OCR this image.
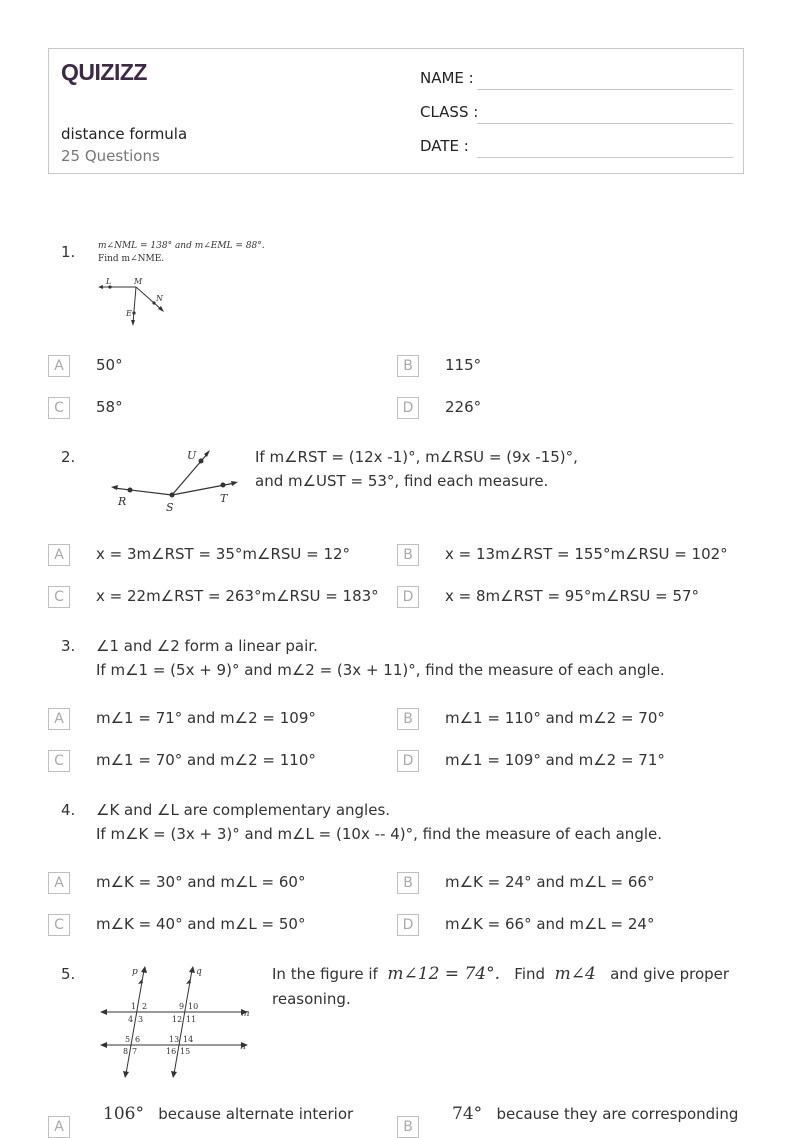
QUIZIZZ
distance formula
25 Questions
NAME :
CLASS :
DATE :
1.	m∠NML = 138° and m∠EML = 88°.
Find m∠NME.
L	M
N
E
A	50°	B	115°
C	58°	D	226°
2.	U
R	S
T
If m∠RST = (12x -1)°, m∠RSU = (9x -15)°,
and m∠UST = 53°, find each measure.
A	x = 3m∠RST = 35°m∠RSU = 12°	B	x = 13m∠RST = 155°m∠RSU = 102°
C	x = 22m∠RST = 263°m∠RSU = 183°	D	x = 8m∠RST = 95°m∠RSU = 57°
3. ∠1 and ∠2 form a linear pair.
If m∠1 = (5x + 9)° and m∠2 = (3x + 11)°, find the measure of each angle.
A	m∠1 = 71° and m∠2 = 109°	B	m∠1 = 110° and m∠2 = 70°
C	m∠1 = 70° and m∠2 = 110°	D	m∠1 = 109° and m∠2 = 71°
4. ∠K and ∠L are complementary angles.
If m∠K = (3x + 3)° and m∠L = (10x -- 4)°, find the measure of each angle.
A	m∠K = 30° and m∠L = 60°	B	m∠K = 24° and m∠L = 66°
C	m∠K = 40° and m∠L = 50°	D	m∠K = 66° and m∠L = 24°
5.	p	q
m
n
1 2
3
4
5 6
7
8
9 10
11
12
13 14
15
16
In the figure if m∠12 = 74°. Find m∠4 and give proper
reasoning.
A
106° because alternate interior
B
74° because they are corresponding
